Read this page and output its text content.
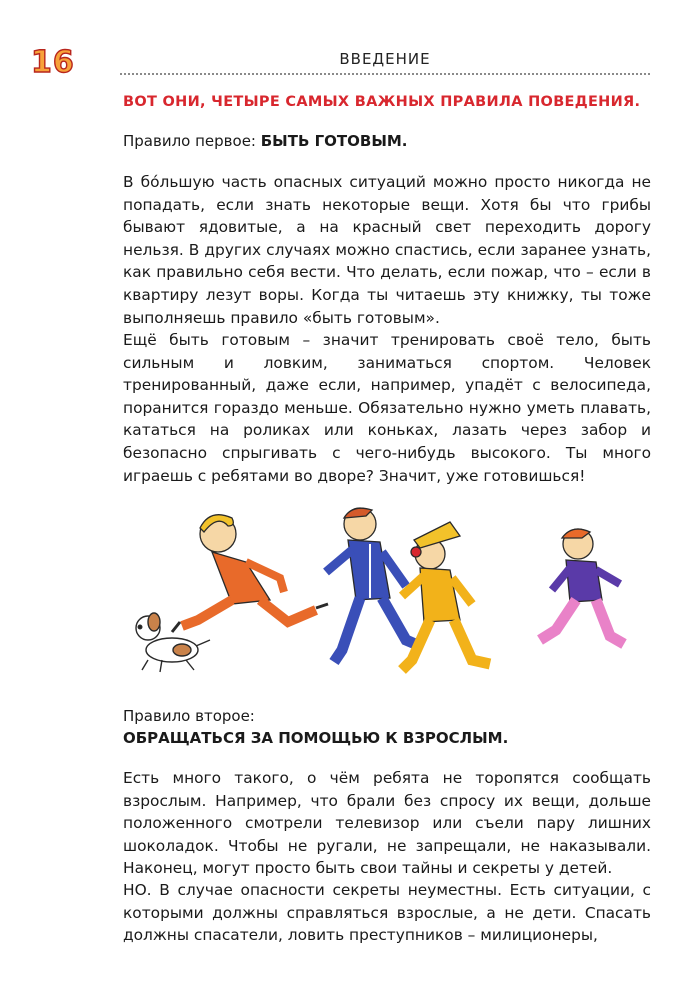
16	ВВЕДЕНИЕ
ВОТ ОНИ, ЧЕТЫРЕ САМЫХ ВАЖНЫХ ПРАВИЛА ПОВЕДЕНИЯ.
Правило первое: БЫТЬ ГОТОВЫМ.

В бо́льшую часть опасных ситуаций можно просто никогда не попадать, если знать некоторые вещи. Хотя бы что грибы бывают ядовитые, а на красный свет переходить дорогу нельзя. В других случаях можно спастись, если заранее узнать, как правильно себя вести. Что делать, если пожар, что – если в квартиру лезут воры. Когда ты читаешь эту книжку, ты тоже выполняешь правило «быть готовым».

Ещё быть готовым – значит тренировать своё тело, быть сильным и ловким, заниматься спортом. Человек тренированный, даже если, например, упадёт с велосипеда, поранится гораздо меньше. Обязательно нужно уметь плавать, кататься на роликах или коньках, лазать через забор и безопасно спрыгивать с чего-нибудь высокого. Ты много играешь с ребятами во дворе? Значит, уже готовишься!

Правило второе:
ОБРАЩАТЬСЯ ЗА ПОМОЩЬЮ К ВЗРОСЛЫМ.

Есть много такого, о чём ребята не торопятся сообщать взрослым. Например, что брали без спросу их вещи, дольше положенного смотрели телевизор или съели пару лишних шоколадок. Чтобы не ругали, не запрещали, не наказывали. Наконец, могут просто быть свои тайны и секреты у детей.

НО. В случае опасности секреты неуместны. Есть ситуации, с которыми должны справляться взрослые, а не дети. Спасать должны спасатели, ловить преступников – милиционеры,
